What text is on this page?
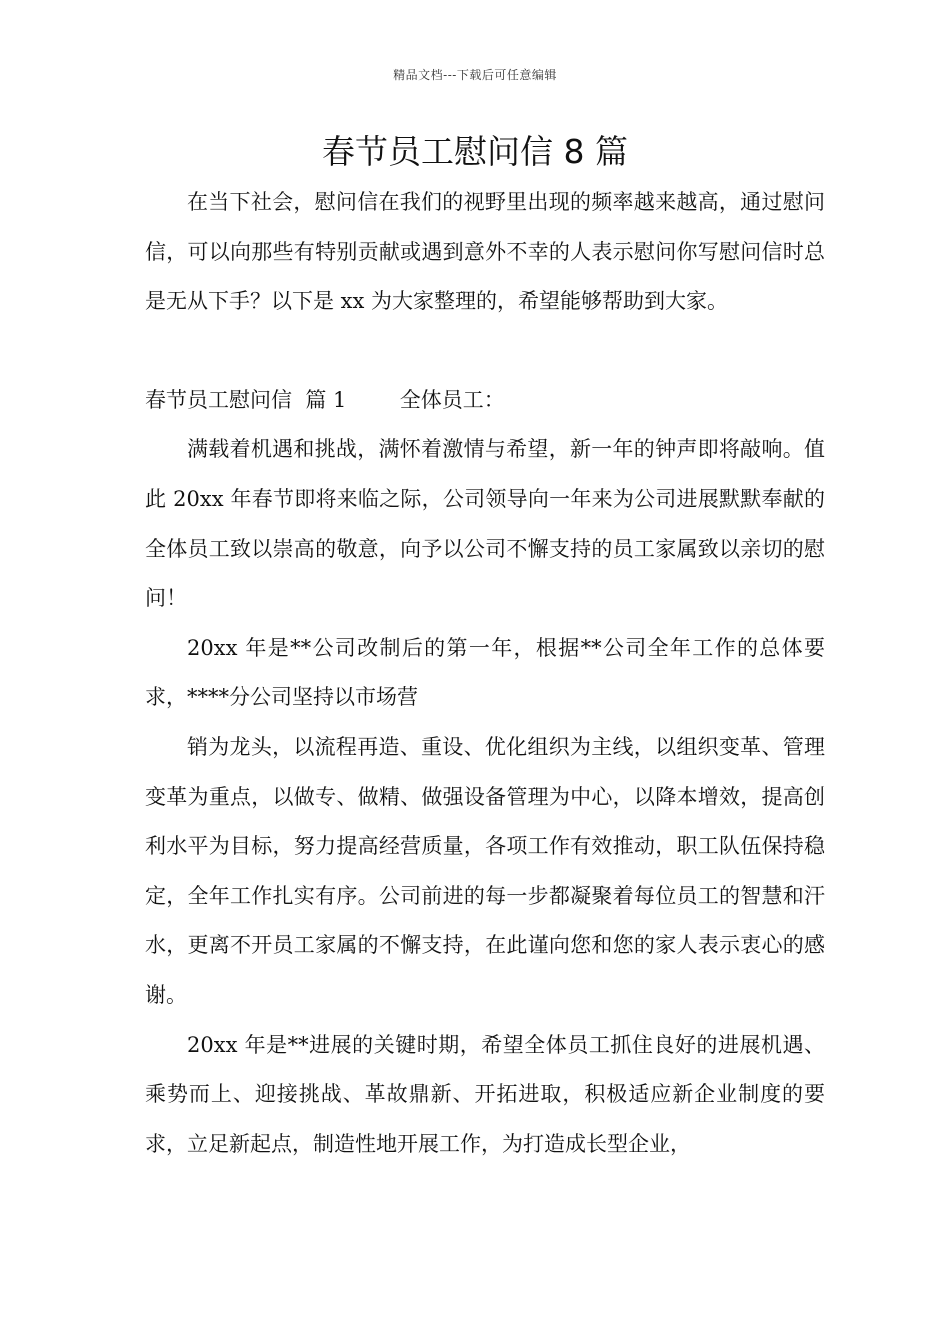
精品文档---下载后可任意编辑
春节员工慰问信 8 篇

在当下社会，慰问信在我们的视野里出现的频率越来越高，通过慰问信，可以向那些有特别贡献或遇到意外不幸的人表示慰问你写慰问信时总是无从下手？以下是 xx 为大家整理的，希望能够帮助到大家。

春节员工慰问信  篇 1	全体员工：

满载着机遇和挑战，满怀着激情与希望，新一年的钟声即将敲响。值此 20xx 年春节即将来临之际，公司领导向一年来为公司进展默默奉献的全体员工致以崇高的敬意，向予以公司不懈支持的员工家属致以亲切的慰问！

20xx 年是**公司改制后的第一年，根据**公司全年工作的总体要求，****分公司坚持以市场营

销为龙头，以流程再造、重设、优化组织为主线，以组织变革、管理变革为重点，以做专、做精、做强设备管理为中心，以降本增效，提高创利水平为目标，努力提高经营质量，各项工作有效推动，职工队伍保持稳定，全年工作扎实有序。公司前进的每一步都凝聚着每位员工的智慧和汗水，更离不开员工家属的不懈支持，在此谨向您和您的家人表示衷心的感谢。

20xx 年是**进展的关键时期，希望全体员工抓住良好的进展机遇、乘势而上、迎接挑战、革故鼎新、开拓进取，积极适应新企业制度的要求，立足新起点，制造性地开展工作，为打造成长型企业，
